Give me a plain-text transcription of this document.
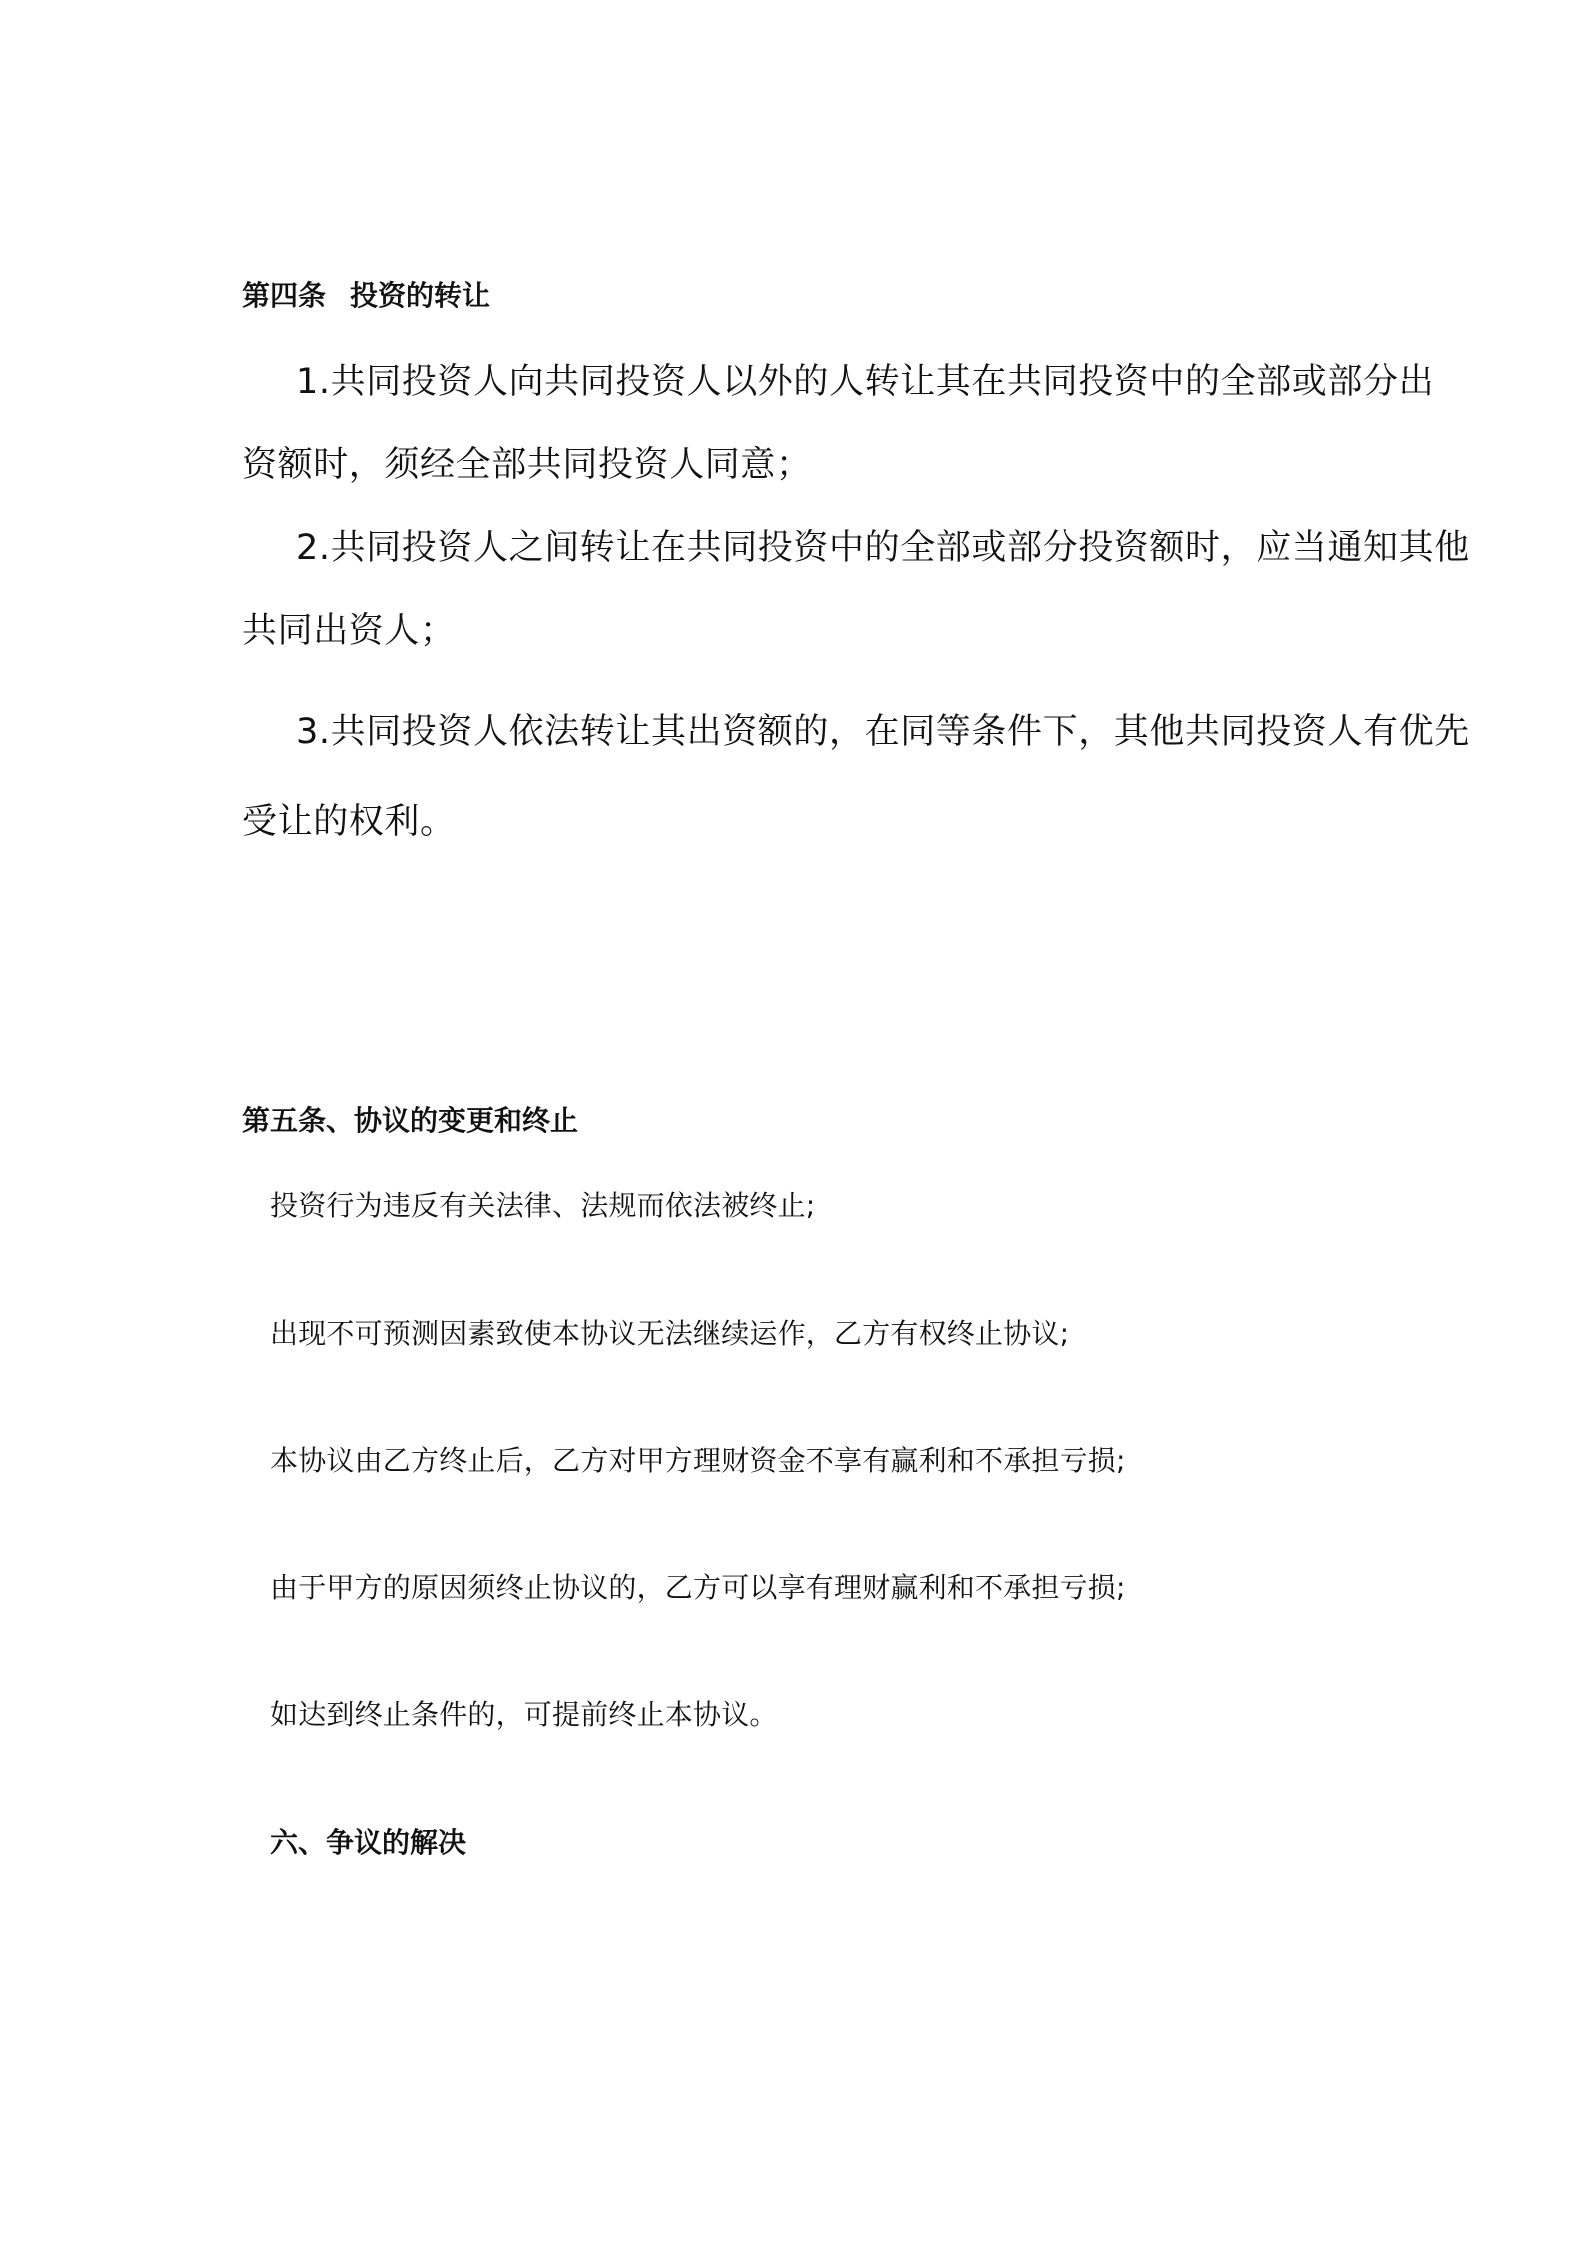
第四条 投资的转让
1.共同投资人向共同投资人以外的人转让其在共同投资中的全部或部分出
资额时，须经全部共同投资人同意；
2.共同投资人之间转让在共同投资中的全部或部分投资额时，应当通知其他
共同出资人；
3.共同投资人依法转让其出资额的，在同等条件下，其他共同投资人有优先
受让的权利。
第五条、协议的变更和终止
投资行为违反有关法律、法规而依法被终止;
出现不可预测因素致使本协议无法继续运作，乙方有权终止协议;
本协议由乙方终止后，乙方对甲方理财资金不享有赢利和不承担亏损;
由于甲方的原因须终止协议的，乙方可以享有理财赢利和不承担亏损;
如达到终止条件的，可提前终止本协议。
六、争议的解决
